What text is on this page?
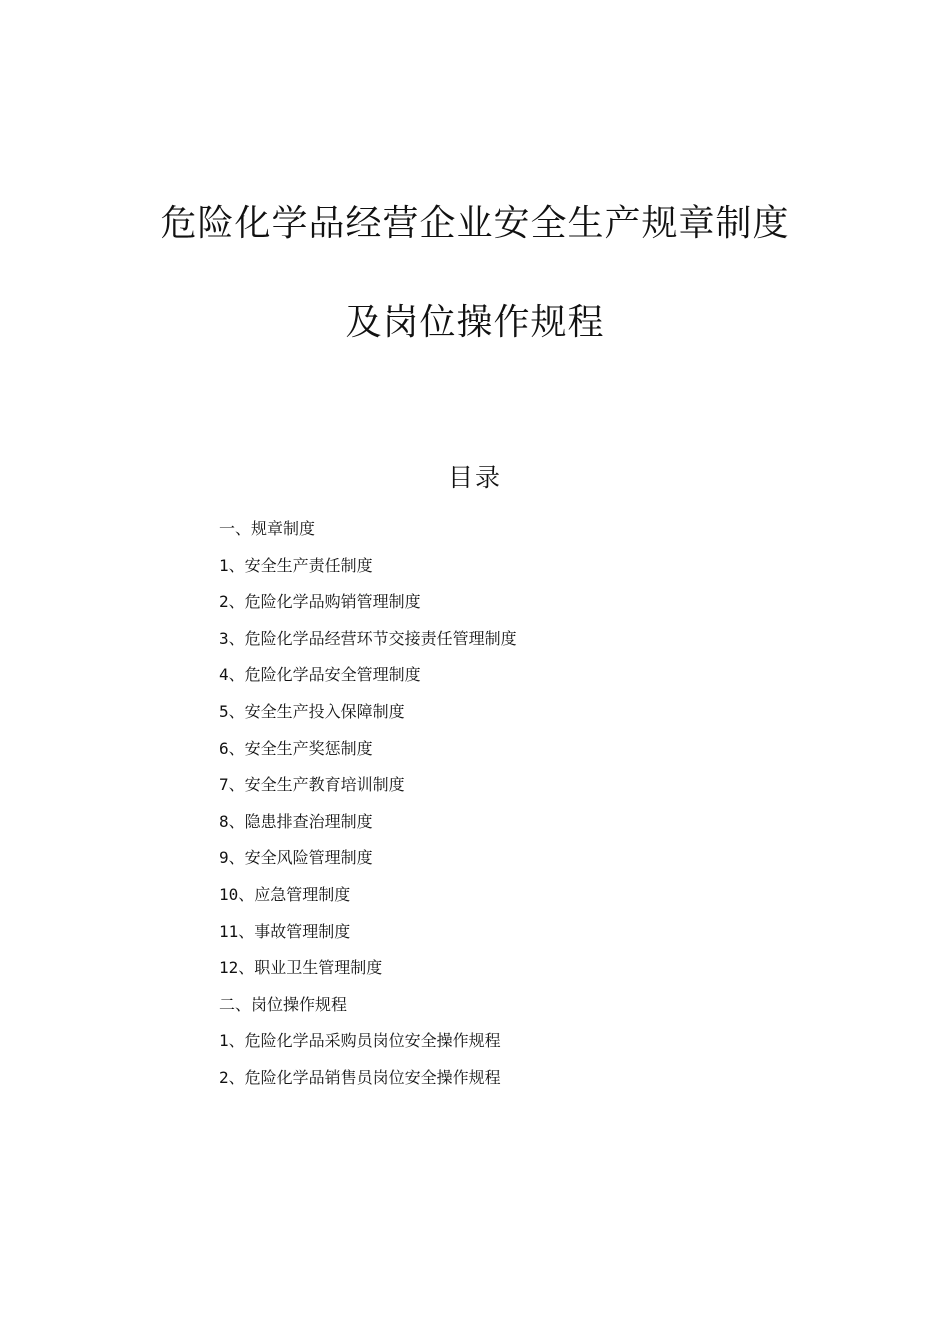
危险化学品经营企业安全生产规章制度
及岗位操作规程
目录
一、规章制度
1、安全生产责任制度
2、危险化学品购销管理制度
3、危险化学品经营环节交接责任管理制度
4、危险化学品安全管理制度
5、安全生产投入保障制度
6、安全生产奖惩制度
7、安全生产教育培训制度
8、隐患排查治理制度
9、安全风险管理制度
10、应急管理制度
11、事故管理制度
12、职业卫生管理制度
二、岗位操作规程
1、危险化学品采购员岗位安全操作规程
2、危险化学品销售员岗位安全操作规程
